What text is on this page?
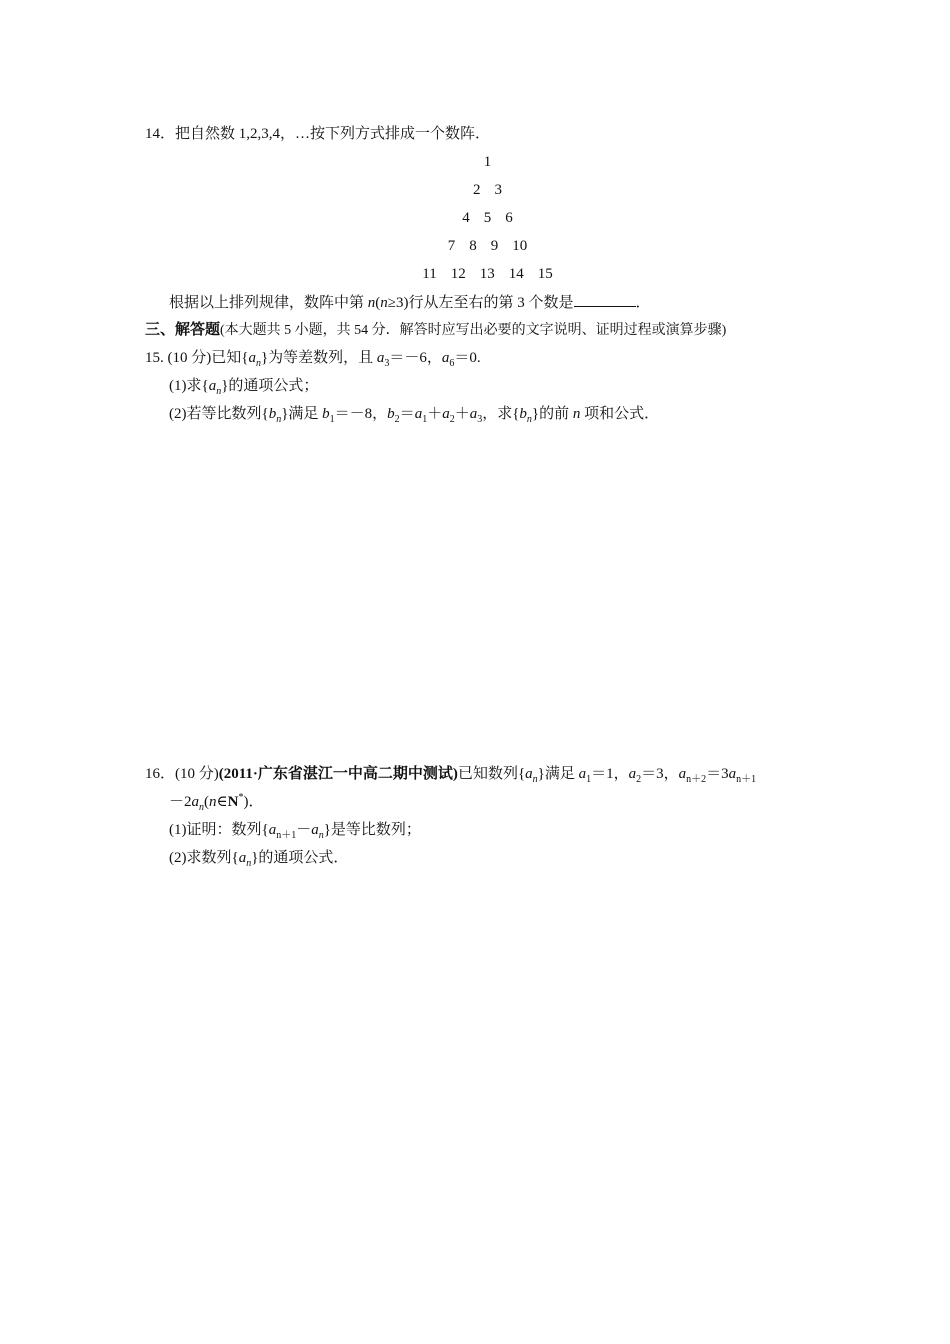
14．把自然数 1,2,3,4，…按下列方式排成一个数阵．
1
2 3
4 5 6
7 8 9 10
11 12 13 14 15
根据以上排列规律，数阵中第 n(n≥3)行从左至右的第 3 个数是	．
三、解答题(本大题共 5 小题，共 54 分．解答时应写出必要的文字说明、证明过程或演算步骤)
15. (10 分)已知$\{a_n\}$为等差数列，且 $a_3=-6$，$a_6=0$.
(1)求$\{a_n\}$的通项公式；
(2)若等比数列$\{b_n\}$满足 $b_1=-8$，$b_2=a_1+a_2+a_3$，求$\{b_n\}$的前 n 项和公式．
16．(10 分)(2011·广东省湛江一中高二期中测试)已知数列$\{a_n\}$满足 $a_1=1$，$a_2=3$，$a_{n+2}=3a_{n+1}$
$-2a_n(n\in N^*)$．
(1)证明：数列$\{a_{n+1}-a_n\}$是等比数列；
(2)求数列$\{a_n\}$的通项公式．
